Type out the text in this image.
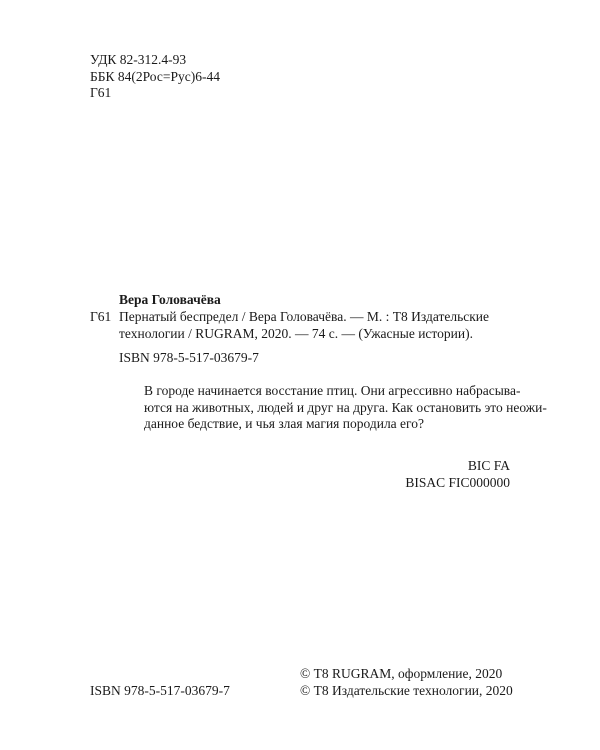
УДК 82-312.4-93
ББК 84(2Рос=Рус)6-44
Г61
Вера Головачёва
Г61 Пернатый беспредел / Вера Головачёва. — М. : Т8 Издательские
технологии / RUGRAM, 2020. — 74 с. — (Ужасные истории).
ISBN 978-5-517-03679-7
В городе начинается восстание птиц. Они агрессивно набрасыва-
ются на животных, людей и друг на друга. Как остановить это неожи-
данное бедствие, и чья злая магия породила его?
BIC FA
BISAC FIC000000
ISBN 978-5-517-03679-7
© Т8 RUGRAM, оформление, 2020
© Т8 Издательские технологии, 2020
